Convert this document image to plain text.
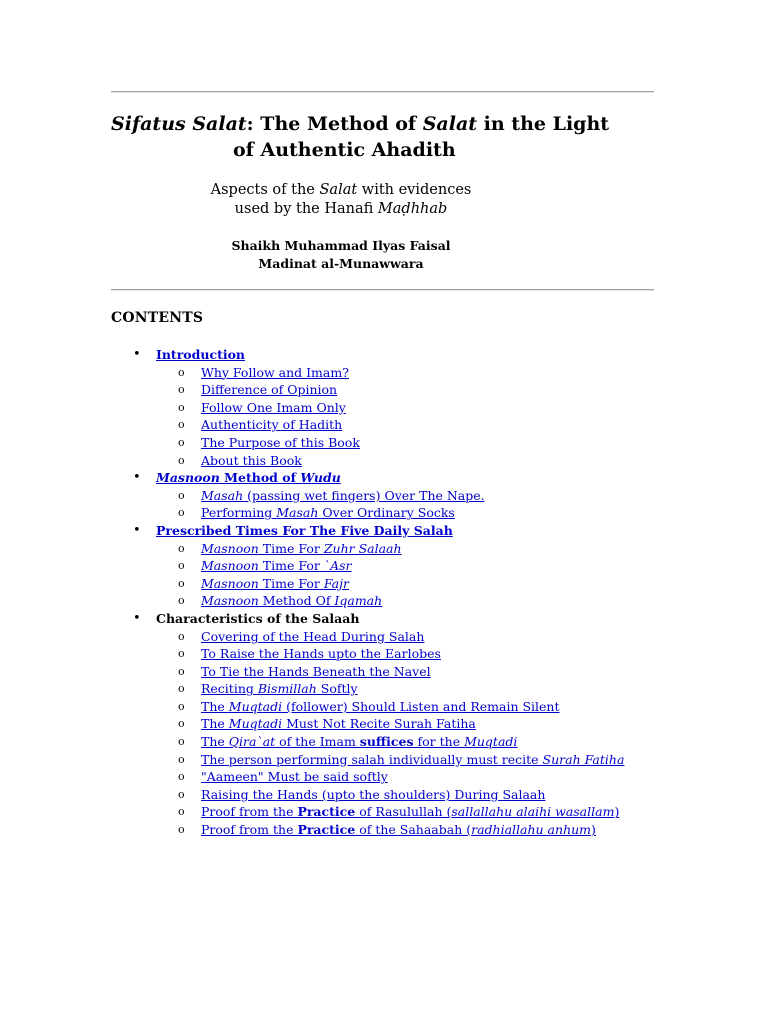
Sifatus Salat: The Method of Salat in the Light
of Authentic Ahadith
Aspects of the Salat with evidences
used by the Hanafi Maḍhhab
Shaikh Muhammad Ilyas Faisal
Madinat al-Munawwara
CONTENTS
• Introduction
o Why Follow and Imam?
o Difference of Opinion
o Follow One Imam Only
o Authenticity of Hadith
o The Purpose of this Book
o About this Book
• Masnoon Method of Wudu
o Masah (passing wet fingers) Over The Nape.
o Performing Masah Over Ordinary Socks
• Prescribed Times For The Five Daily Salah
o Masnoon Time For Zuhr Salaah
o Masnoon Time For `Asr
o Masnoon Time For Fajr
o Masnoon Method Of Iqamah
• Characteristics of the Salaah
o Covering of the Head During Salah
o To Raise the Hands upto the Earlobes
o To Tie the Hands Beneath the Navel
o Reciting Bismillah Softly
o The Muqtadi (follower) Should Listen and Remain Silent
o The Muqtadi Must Not Recite Surah Fatiha
o The Qira`at of the Imam suffices for the Muqtadi
o The person performing salah individually must recite Surah Fatiha
o "Aameen" Must be said softly
o Raising the Hands (upto the shoulders) During Salaah
o Proof from the Practice of Rasulullah (sallallahu alaihi wasallam)
o Proof from the Practice of the Sahaabah (radhiallahu anhum)
